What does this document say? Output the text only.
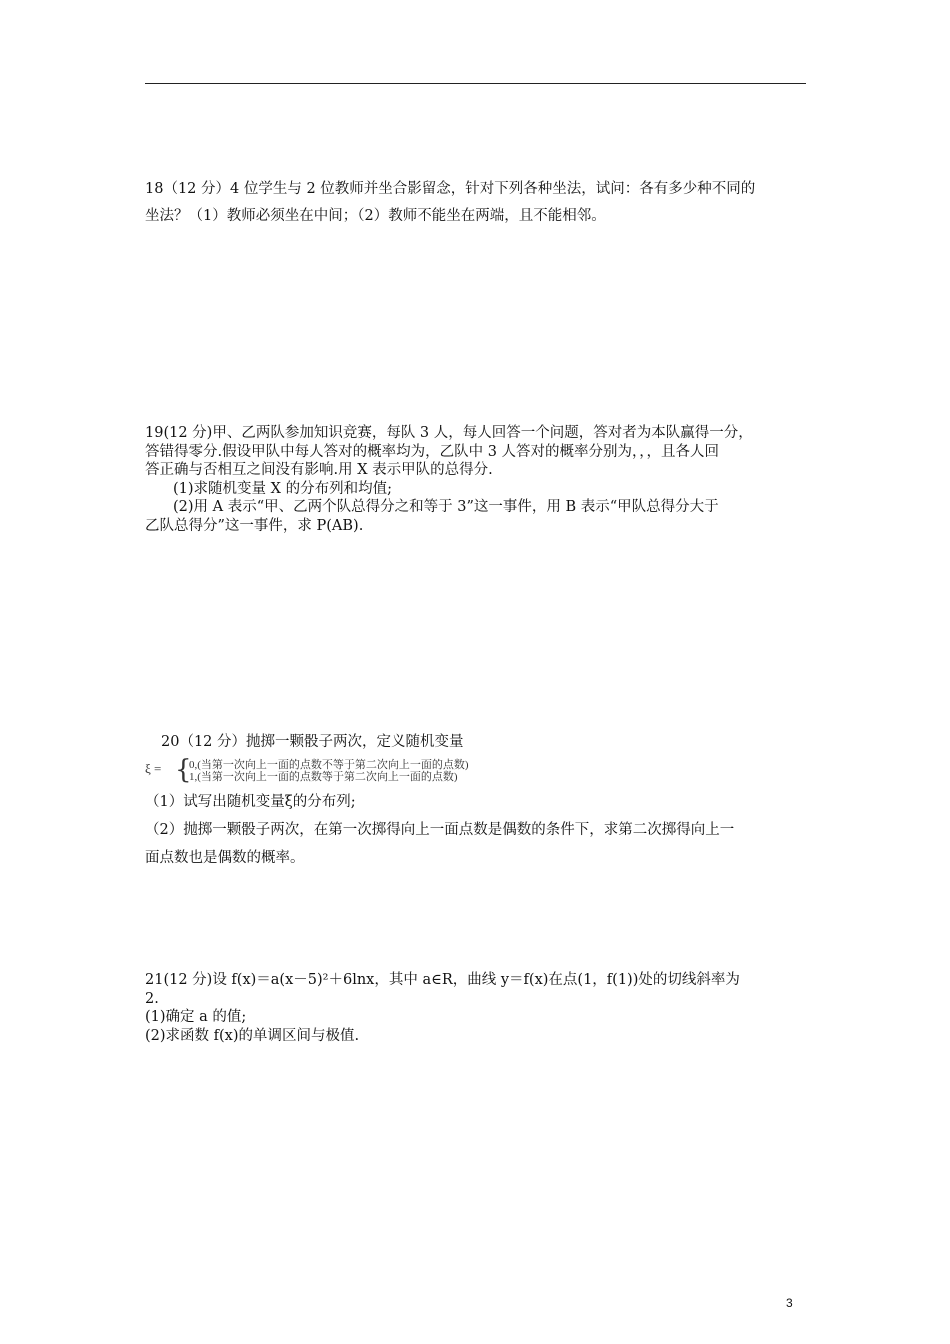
18（12 分）4 位学生与 2 位教师并坐合影留念，针对下列各种坐法，试问：各有多少种不同的
坐法？（1）教师必须坐在中间；（2）教师不能坐在两端，且不能相邻。
19(12 分)甲、乙两队参加知识竞赛，每队 3 人，每人回答一个问题，答对者为本队赢得一分，
答错得零分.假设甲队中每人答对的概率均为，乙队中 3 人答对的概率分别为，，，且各人回
答正确与否相互之间没有影响.用 X 表示甲队的总得分.
(1)求随机变量 X 的分布列和均值;
(2)用 A 表示“甲、乙两个队总得分之和等于 3”这一事件，用 B 表示“甲队总得分大于
乙队总得分”这一事件，求 P(AB).
20（12 分）抛掷一颗骰子两次，定义随机变量
ξ = {
0,(当第一次向上一面的点数不等于第二次向上一面的点数)
1,(当第一次向上一面的点数等于第二次向上一面的点数)
（1）试写出随机变量ξ的分布列;
（2）抛掷一颗骰子两次，在第一次掷得向上一面点数是偶数的条件下，求第二次掷得向上一
面点数也是偶数的概率。
21(12 分)设 f(x)＝a(x－5)²＋6lnx，其中 a∈R，曲线 y＝f(x)在点(1，f(1))处的切线斜率为
2.
(1)确定 a 的值;
(2)求函数 f(x)的单调区间与极值.
3
